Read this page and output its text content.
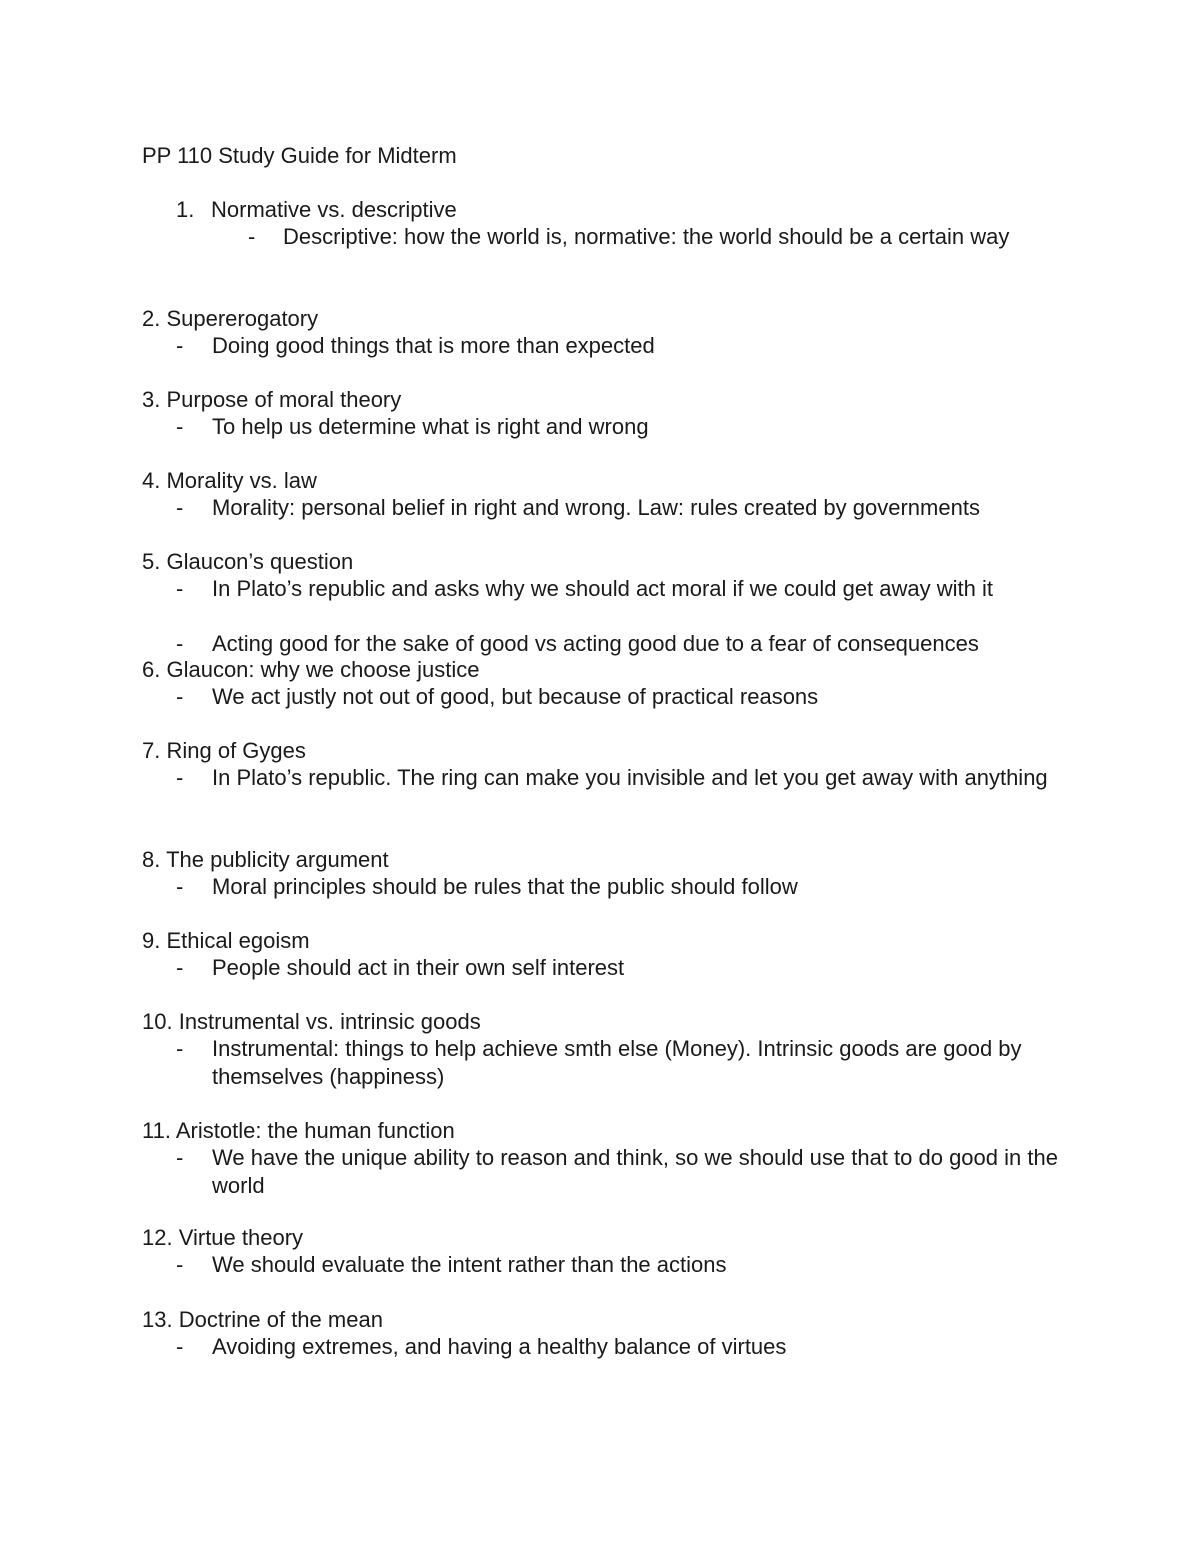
PP 110 Study Guide for Midterm
1. Normative vs. descriptive
- Descriptive: how the world is, normative: the world should be a certain way
2. Supererogatory
- Doing good things that is more than expected
3. Purpose of moral theory
- To help us determine what is right and wrong
4. Morality vs. law
- Morality: personal belief in right and wrong. Law: rules created by governments
5. Glaucon’s question
- In Plato’s republic and asks why we should act moral if we could get away with it
- Acting good for the sake of good vs acting good due to a fear of consequences
6. Glaucon: why we choose justice
- We act justly not out of good, but because of practical reasons
7. Ring of Gyges
- In Plato’s republic. The ring can make you invisible and let you get away with anything
8. The publicity argument
- Moral principles should be rules that the public should follow
9. Ethical egoism
- People should act in their own self interest
10. Instrumental vs. intrinsic goods
- Instrumental: things to help achieve smth else (Money). Intrinsic goods are good by themselves (happiness)
11. Aristotle: the human function
- We have the unique ability to reason and think, so we should use that to do good in the world
12. Virtue theory
- We should evaluate the intent rather than the actions
13. Doctrine of the mean
- Avoiding extremes, and having a healthy balance of virtues
